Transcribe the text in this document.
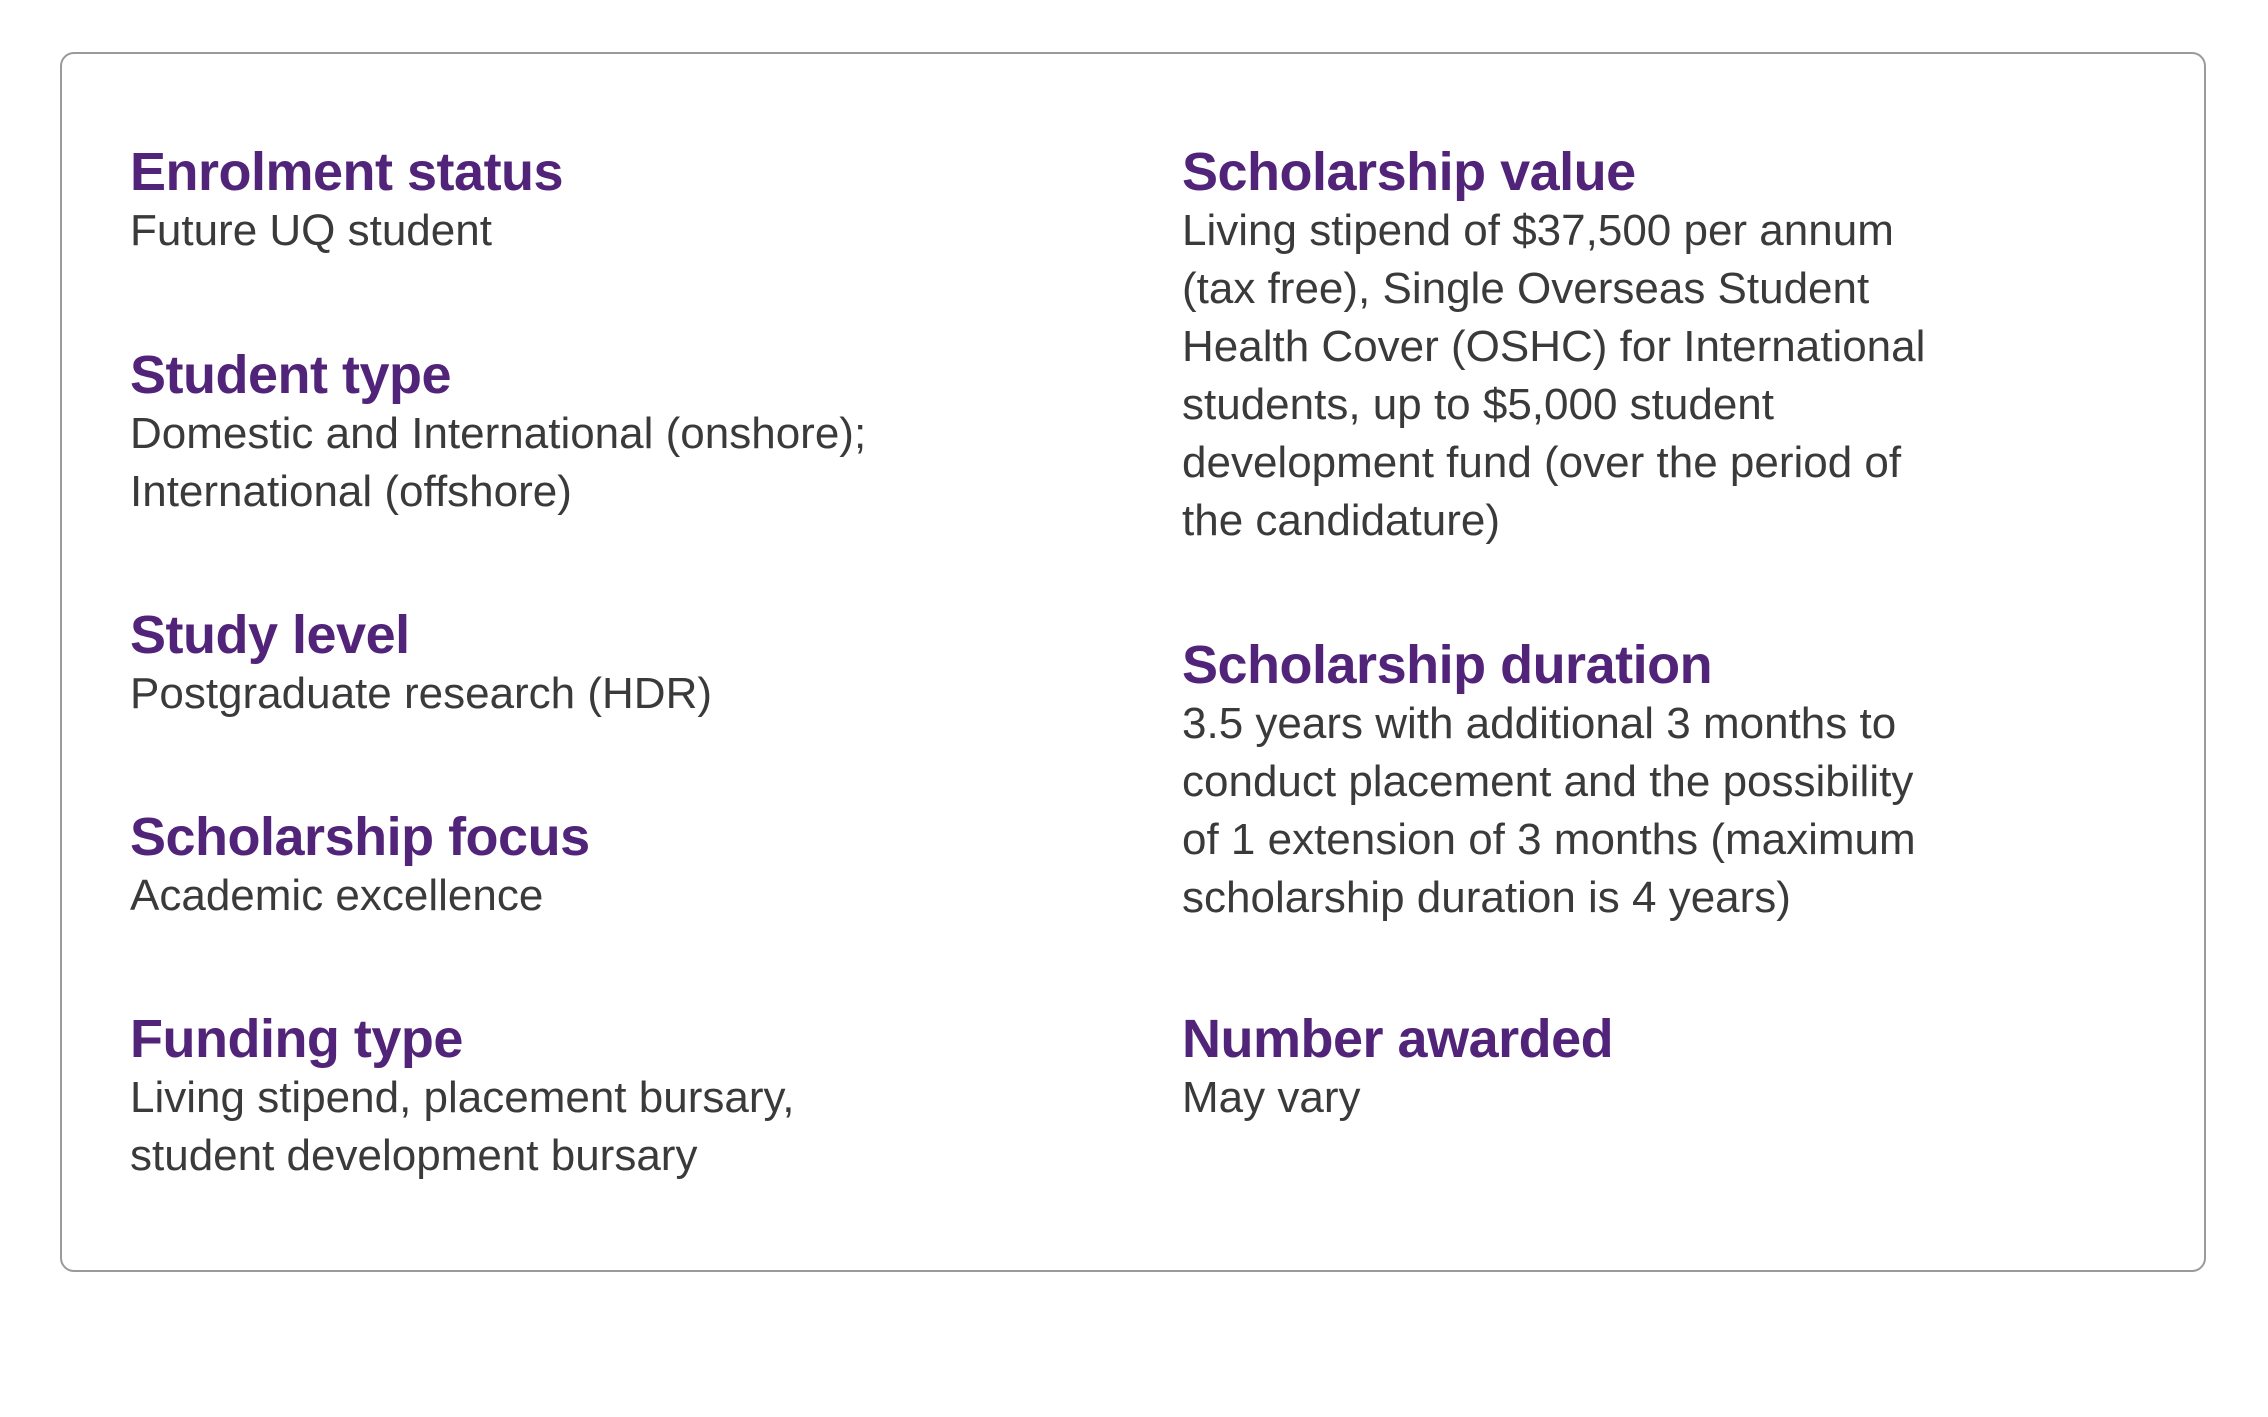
Enrolment status
Future UQ student
Student type
Domestic and International (onshore);
International (offshore)
Study level
Postgraduate research (HDR)
Scholarship focus
Academic excellence
Funding type
Living stipend, placement bursary,
student development bursary
Scholarship value
Living stipend of $37,500 per annum
(tax free), Single Overseas Student
Health Cover (OSHC) for International
students, up to $5,000 student
development fund (over the period of
the candidature)
Scholarship duration
3.5 years with additional 3 months to
conduct placement and the possibility
of 1 extension of 3 months (maximum
scholarship duration is 4 years)
Number awarded
May vary
